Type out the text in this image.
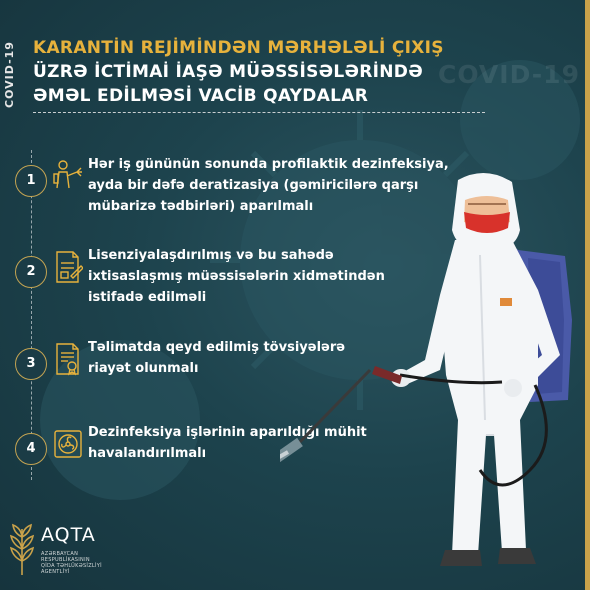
COVID-19
COVID-19 KARANTİN REJİMİNDƏN MƏRHƏLƏLİ ÇIXIŞ
ÜZRƏ İCTİMAİ İAŞƏ MÜƏSSİSƏLƏRİNDƏ
ƏMƏL EDİLMƏSİ VACİB QAYDALAR
1
Hər iş gününün sonunda profilaktik dezinfeksiya,
ayda bir dəfə deratizasiya (gəmiricilərə qarşı
mübarizə tədbirləri) aparılmalı
2
Lisenziyalaşdırılmış və bu sahədə
ixtisaslaşmış müəssisələrin xidmətindən
istifadə edilməli
3
Təlimatda qeyd edilmiş tövsiyələrə
riayət olunmalı
4
Dezinfeksiya işlərinin aparıldığı mühit
havalandırılmalı
AQTA
AZƏRBAYCAN
RESPUBLİKASININ
QİDA TƏHLÜKƏSİZLİYİ
AGENTLİYİ
